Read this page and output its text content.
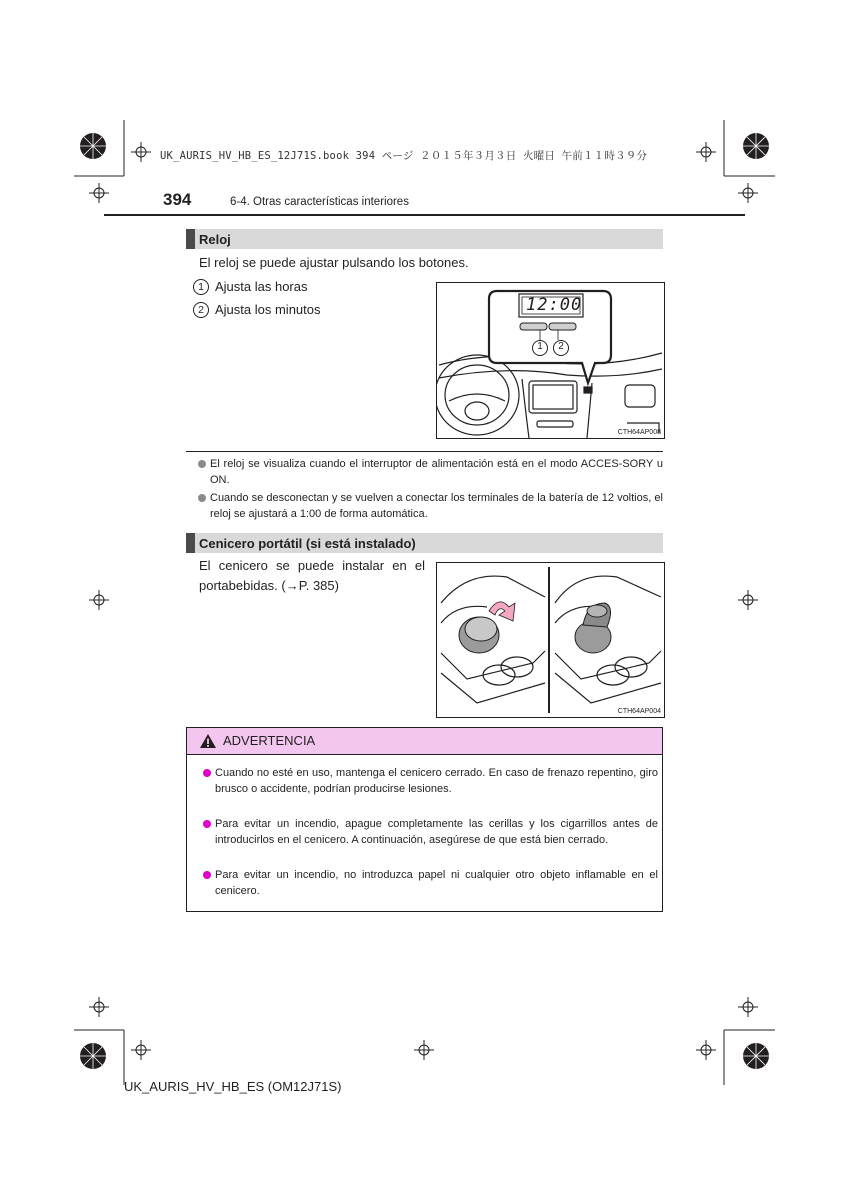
UK_AURIS_HV_HB_ES_12J71S.book 394 ページ ２０１５年３月３日 火曜日 午前１１時３９分
394	6-4. Otras características interiores
Reloj
El reloj se puede ajustar pulsando los botones.
1 Ajusta las horas
2 Ajusta los minutos	12:00
1	2
CTH64AP008
El reloj se visualiza cuando el interruptor de alimentación está en el modo ACCES-SORY u ON.
Cuando se desconectan y se vuelven a conectar los terminales de la batería de 12 voltios, el reloj se ajustará a 1:00 de forma automática.
Cenicero portátil (si está instalado)
El cenicero se puede instalar en el portabebidas. (→P. 385)
CTH64AP004
ADVERTENCIA
Cuando no esté en uso, mantenga el cenicero cerrado. En caso de frenazo repentino, giro brusco o accidente, podrían producirse lesiones.
Para evitar un incendio, apague completamente las cerillas y los cigarrillos antes de introducirlos en el cenicero. A continuación, asegúrese de que está bien cerrado.
Para evitar un incendio, no introduzca papel ni cualquier otro objeto inflamable en el cenicero.
UK_AURIS_HV_HB_ES (OM12J71S)
